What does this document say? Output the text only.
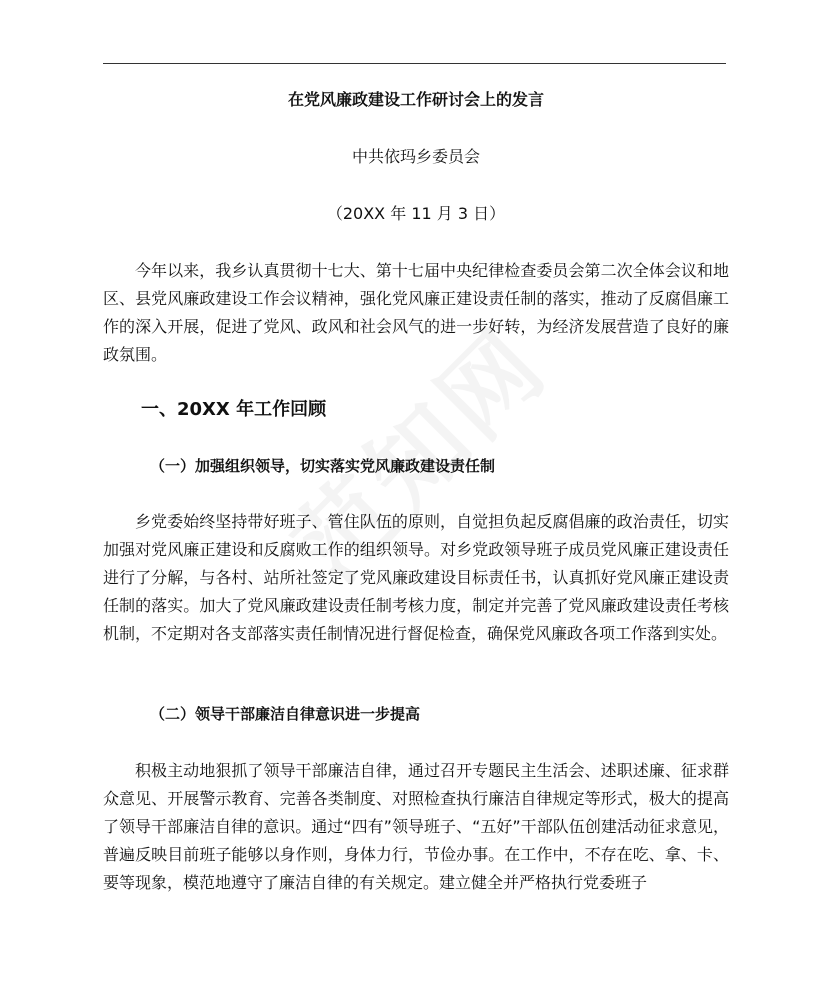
在党风廉政建设工作研讨会上的发言
中共依玛乡委员会
（20XX 年 11 月 3 日）
今年以来，我乡认真贯彻十七大、第十七届中央纪律检查委员会第二次全体会议和地区、县党风廉政建设工作会议精神，强化党风廉正建设责任制的落实，推动了反腐倡廉工作的深入开展，促进了党风、政风和社会风气的进一步好转，为经济发展营造了良好的廉政氛围。
一、20XX 年工作回顾
（一）加强组织领导，切实落实党风廉政建设责任制
乡党委始终坚持带好班子、管住队伍的原则，自觉担负起反腐倡廉的政治责任，切实加强对党风廉正建设和反腐败工作的组织领导。对乡党政领导班子成员党风廉正建设责任进行了分解，与各村、站所社签定了党风廉政建设目标责任书，认真抓好党风廉正建设责任制的落实。加大了党风廉政建设责任制考核力度，制定并完善了党风廉政建设责任考核机制，不定期对各支部落实责任制情况进行督促检查，确保党风廉政各项工作落到实处。
（二）领导干部廉洁自律意识进一步提高
积极主动地狠抓了领导干部廉洁自律，通过召开专题民主生活会、述职述廉、征求群众意见、开展警示教育、完善各类制度、对照检查执行廉洁自律规定等形式，极大的提高了领导干部廉洁自律的意识。通过“四有”领导班子、“五好”干部队伍创建活动征求意见，普遍反映目前班子能够以身作则，身体力行，节俭办事。在工作中，不存在吃、拿、卡、要等现象，模范地遵守了廉洁自律的有关规定。建立健全并严格执行党委班子
